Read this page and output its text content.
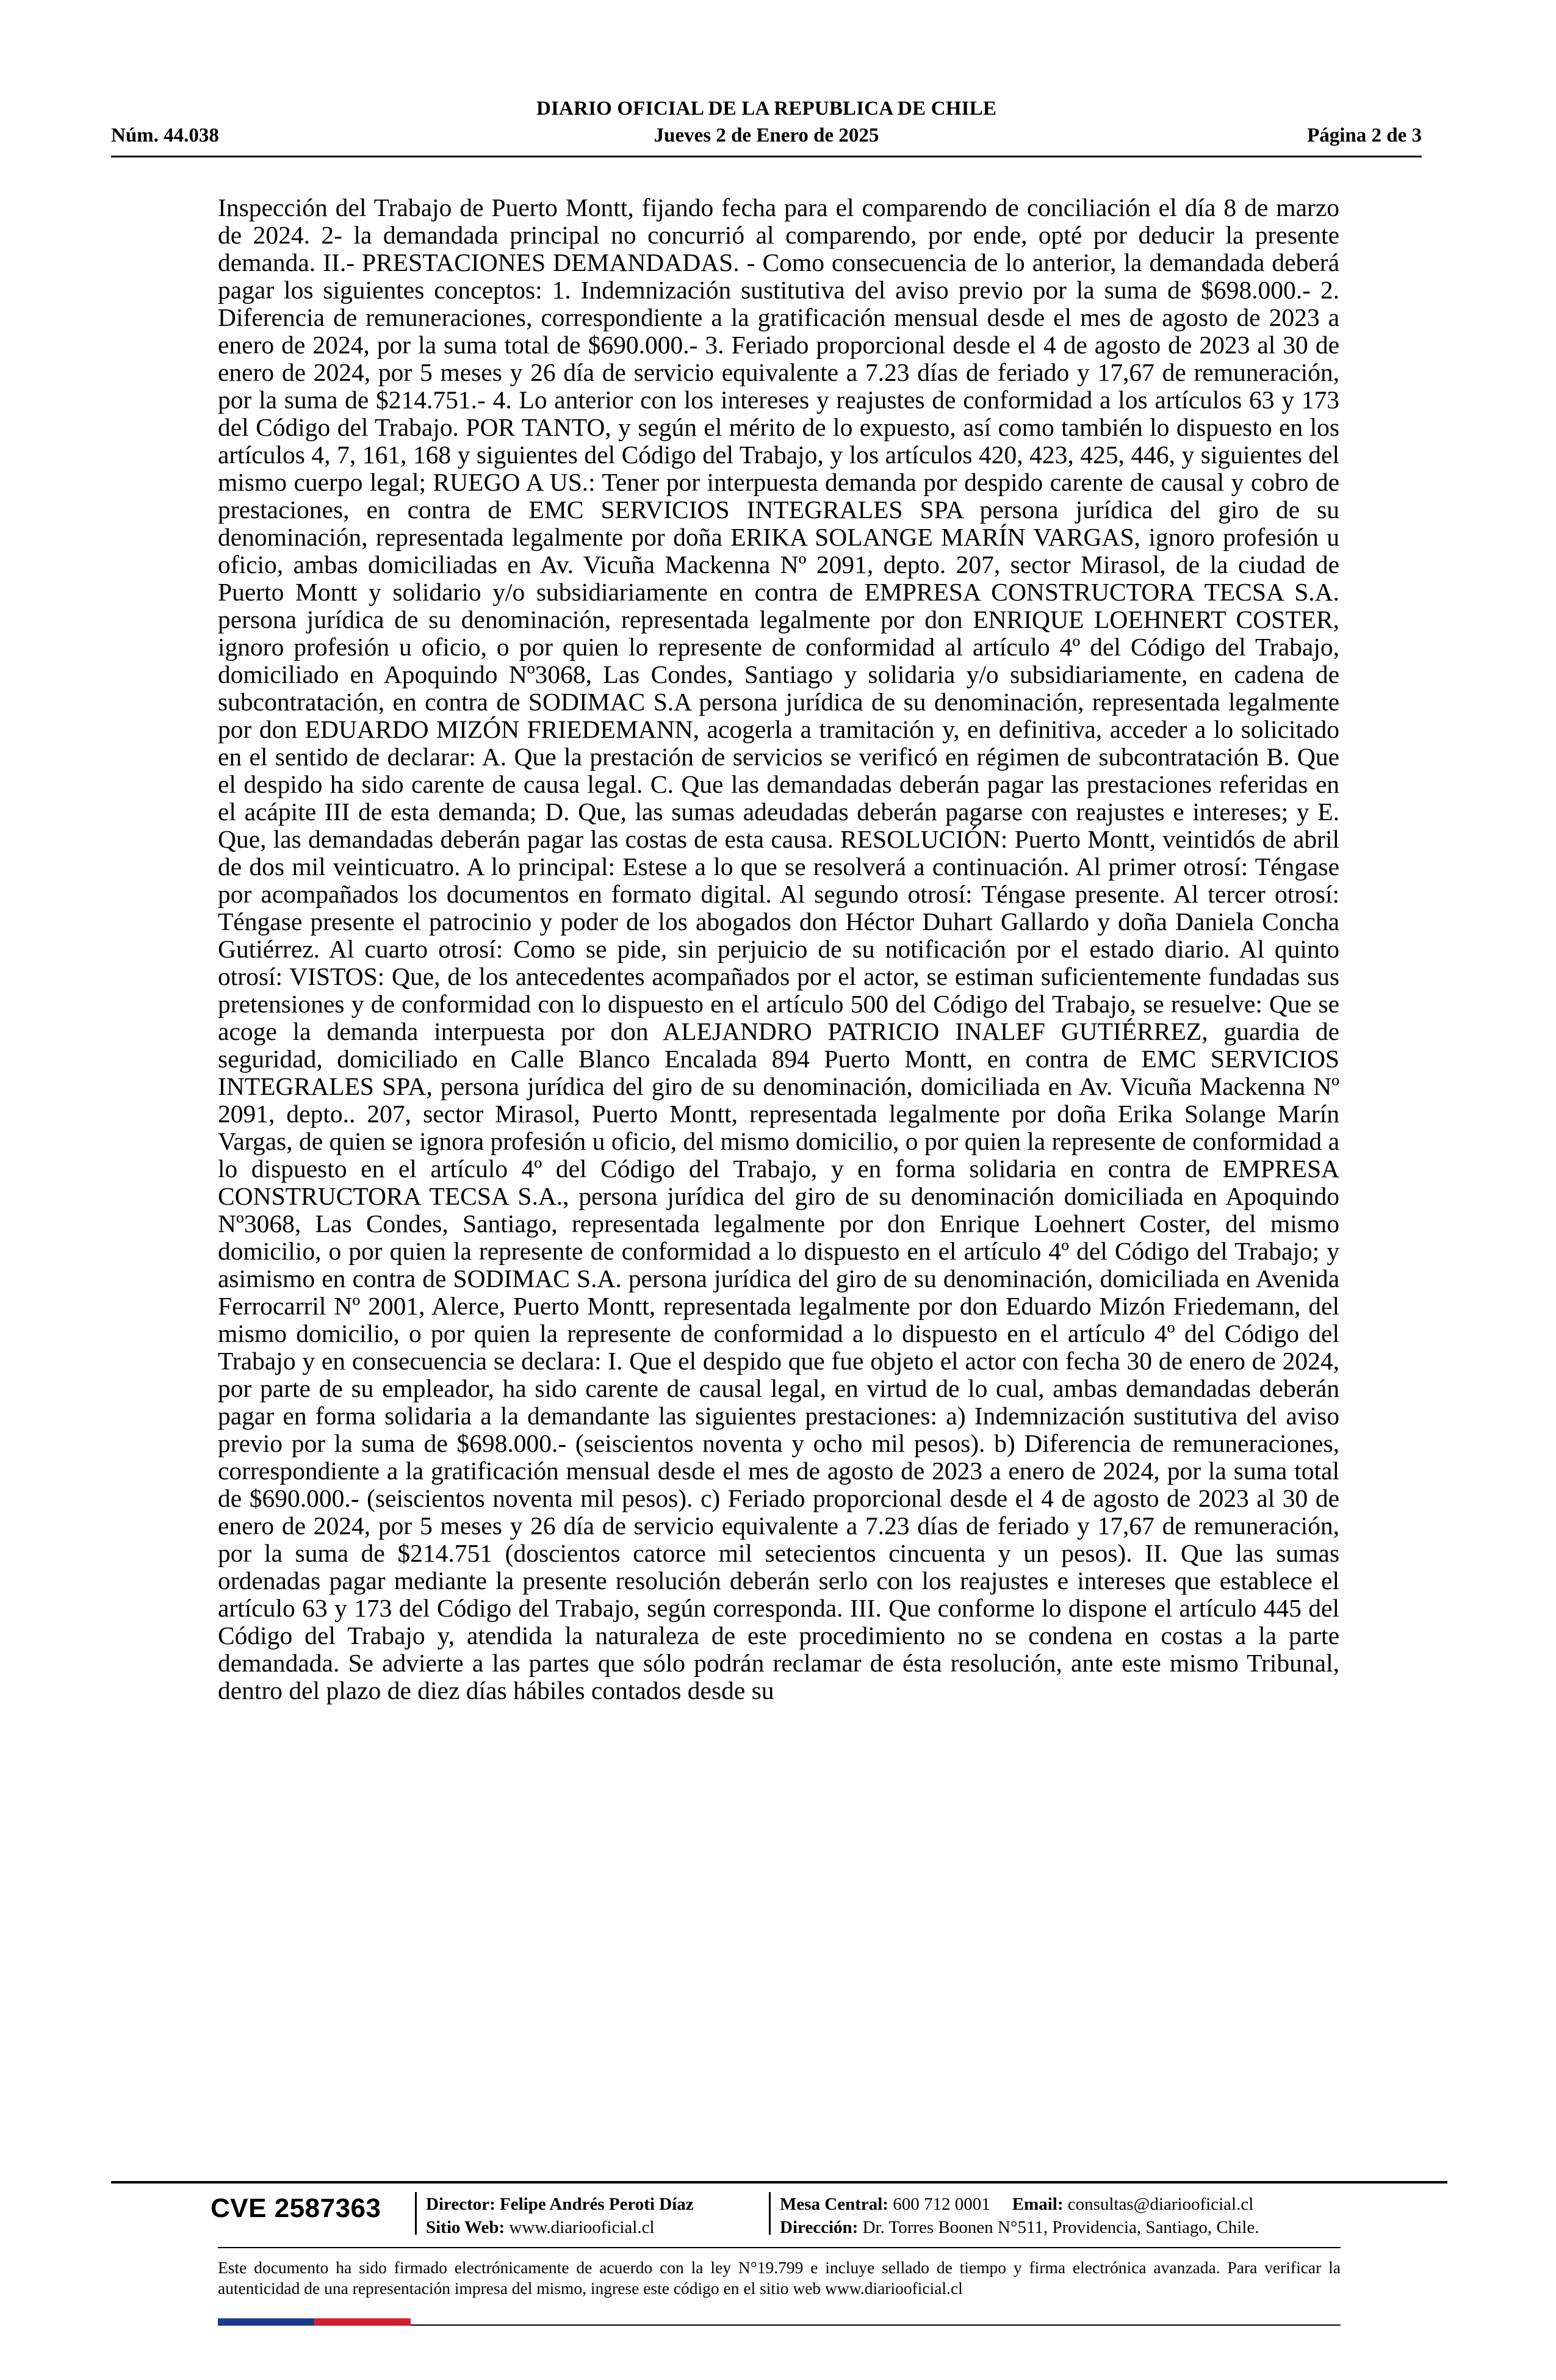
DIARIO OFICIAL DE LA REPUBLICA DE CHILE
Núm. 44.038	Jueves 2 de Enero de 2025	Página 2 de 3
Inspección del Trabajo de Puerto Montt, fijando fecha para el comparendo de conciliación el día 8 de marzo de 2024. 2- la demandada principal no concurrió al comparendo, por ende, opté por deducir la presente demanda. II.- PRESTACIONES DEMANDADAS. - Como consecuencia de lo anterior, la demandada deberá pagar los siguientes conceptos: 1. Indemnización sustitutiva del aviso previo por la suma de $698.000.- 2. Diferencia de remuneraciones, correspondiente a la gratificación mensual desde el mes de agosto de 2023 a enero de 2024, por la suma total de $690.000.- 3. Feriado proporcional desde el 4 de agosto de 2023 al 30 de enero de 2024, por 5 meses y 26 día de servicio equivalente a 7.23 días de feriado y 17,67 de remuneración, por la suma de $214.751.- 4. Lo anterior con los intereses y reajustes de conformidad a los artículos 63 y 173 del Código del Trabajo. POR TANTO, y según el mérito de lo expuesto, así como también lo dispuesto en los artículos 4, 7, 161, 168 y siguientes del Código del Trabajo, y los artículos 420, 423, 425, 446, y siguientes del mismo cuerpo legal; RUEGO A US.: Tener por interpuesta demanda por despido carente de causal y cobro de prestaciones, en contra de EMC SERVICIOS INTEGRALES SPA persona jurídica del giro de su denominación, representada legalmente por doña ERIKA SOLANGE MARÍN VARGAS, ignoro profesión u oficio, ambas domiciliadas en Av. Vicuña Mackenna Nº 2091, depto. 207, sector Mirasol, de la ciudad de Puerto Montt y solidario y/o subsidiariamente en contra de EMPRESA CONSTRUCTORA TECSA S.A. persona jurídica de su denominación, representada legalmente por don ENRIQUE LOEHNERT COSTER, ignoro profesión u oficio, o por quien lo represente de conformidad al artículo 4º del Código del Trabajo, domiciliado en Apoquindo Nº3068, Las Condes, Santiago y solidaria y/o subsidiariamente, en cadena de subcontratación, en contra de SODIMAC S.A persona jurídica de su denominación, representada legalmente por don EDUARDO MIZÓN FRIEDEMANN, acogerla a tramitación y, en definitiva, acceder a lo solicitado en el sentido de declarar: A. Que la prestación de servicios se verificó en régimen de subcontratación B. Que el despido ha sido carente de causa legal. C. Que las demandadas deberán pagar las prestaciones referidas en el acápite III de esta demanda; D. Que, las sumas adeudadas deberán pagarse con reajustes e intereses; y E. Que, las demandadas deberán pagar las costas de esta causa. RESOLUCIÓN: Puerto Montt, veintidós de abril de dos mil veinticuatro. A lo principal: Estese a lo que se resolverá a continuación. Al primer otrosí: Téngase por acompañados los documentos en formato digital. Al segundo otrosí: Téngase presente. Al tercer otrosí: Téngase presente el patrocinio y poder de los abogados don Héctor Duhart Gallardo y doña Daniela Concha Gutiérrez. Al cuarto otrosí: Como se pide, sin perjuicio de su notificación por el estado diario. Al quinto otrosí: VISTOS: Que, de los antecedentes acompañados por el actor, se estiman suficientemente fundadas sus pretensiones y de conformidad con lo dispuesto en el artículo 500 del Código del Trabajo, se resuelve: Que se acoge la demanda interpuesta por don ALEJANDRO PATRICIO INALEF GUTIÉRREZ, guardia de seguridad, domiciliado en Calle Blanco Encalada 894 Puerto Montt, en contra de EMC SERVICIOS INTEGRALES SPA, persona jurídica del giro de su denominación, domiciliada en Av. Vicuña Mackenna Nº 2091, depto.. 207, sector Mirasol, Puerto Montt, representada legalmente por doña Erika Solange Marín Vargas, de quien se ignora profesión u oficio, del mismo domicilio, o por quien la represente de conformidad a lo dispuesto en el artículo 4º del Código del Trabajo, y en forma solidaria en contra de EMPRESA CONSTRUCTORA TECSA S.A., persona jurídica del giro de su denominación domiciliada en Apoquindo Nº3068, Las Condes, Santiago, representada legalmente por don Enrique Loehnert Coster, del mismo domicilio, o por quien la represente de conformidad a lo dispuesto en el artículo 4º del Código del Trabajo; y asimismo en contra de SODIMAC S.A. persona jurídica del giro de su denominación, domiciliada en Avenida Ferrocarril Nº 2001, Alerce, Puerto Montt, representada legalmente por don Eduardo Mizón Friedemann, del mismo domicilio, o por quien la represente de conformidad a lo dispuesto en el artículo 4º del Código del Trabajo y en consecuencia se declara: I. Que el despido que fue objeto el actor con fecha 30 de enero de 2024, por parte de su empleador, ha sido carente de causal legal, en virtud de lo cual, ambas demandadas deberán pagar en forma solidaria a la demandante las siguientes prestaciones: a) Indemnización sustitutiva del aviso previo por la suma de $698.000.- (seiscientos noventa y ocho mil pesos). b) Diferencia de remuneraciones, correspondiente a la gratificación mensual desde el mes de agosto de 2023 a enero de 2024, por la suma total de $690.000.- (seiscientos noventa mil pesos). c) Feriado proporcional desde el 4 de agosto de 2023 al 30 de enero de 2024, por 5 meses y 26 día de servicio equivalente a 7.23 días de feriado y 17,67 de remuneración, por la suma de $214.751 (doscientos catorce mil setecientos cincuenta y un pesos). II. Que las sumas ordenadas pagar mediante la presente resolución deberán serlo con los reajustes e intereses que establece el artículo 63 y 173 del Código del Trabajo, según corresponda. III. Que conforme lo dispone el artículo 445 del Código del Trabajo y, atendida la naturaleza de este procedimiento no se condena en costas a la parte demandada. Se advierte a las partes que sólo podrán reclamar de ésta resolución, ante este mismo Tribunal, dentro del plazo de diez días hábiles contados desde su
CVE 2587363	Director: Felipe Andrés Peroti Díaz
Sitio Web: www.diariooficial.cl
Mesa Central: 600 712 0001 Email: consultas@diariooficial.cl
Dirección: Dr. Torres Boonen N°511, Providencia, Santiago, Chile.
Este documento ha sido firmado electrónicamente de acuerdo con la ley N°19.799 e incluye sellado de tiempo y firma electrónica avanzada. Para verificar la autenticidad de una representación impresa del mismo, ingrese este código en el sitio web www.diariooficial.cl
